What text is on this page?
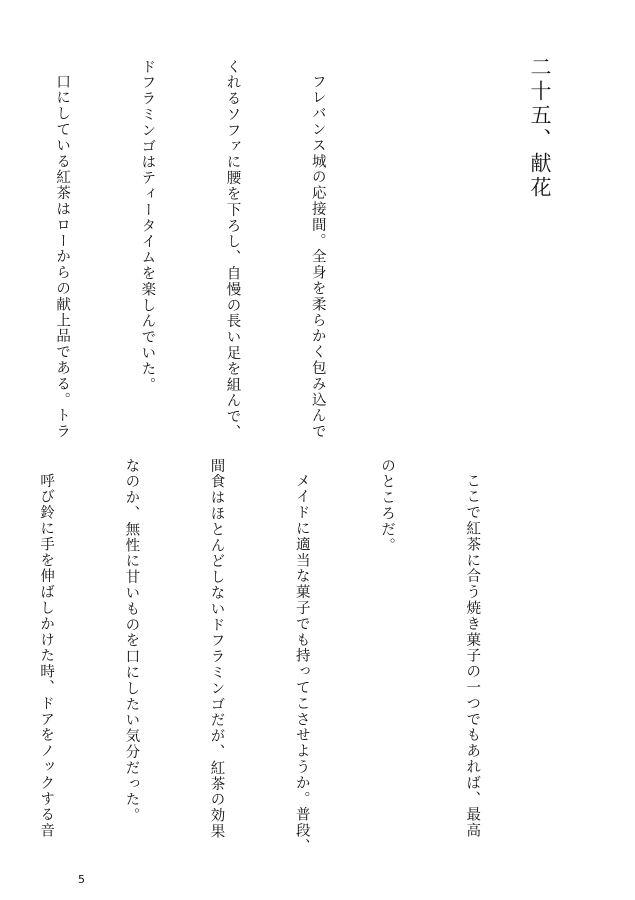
二十五、献花

フレバンス城の応接間。全身を柔らかく包み込んで

くれるソファに腰を下ろし、自慢の長い足を組んで、

ドフラミンゴはティータイムを楽しんでいた。

口にしている紅茶はローからの献上品である。トラ

ここで紅茶に合う焼き菓子の一つでもあれば、最高

のところだ。

メイドに適当な菓子でも持ってこさせようか。普段、

間食はほとんどしないドフラミンゴだが、紅茶の効果

なのか、無性に甘いものを口にしたい気分だった。

呼び鈴に手を伸ばしかけた時、ドアをノックする音

5
